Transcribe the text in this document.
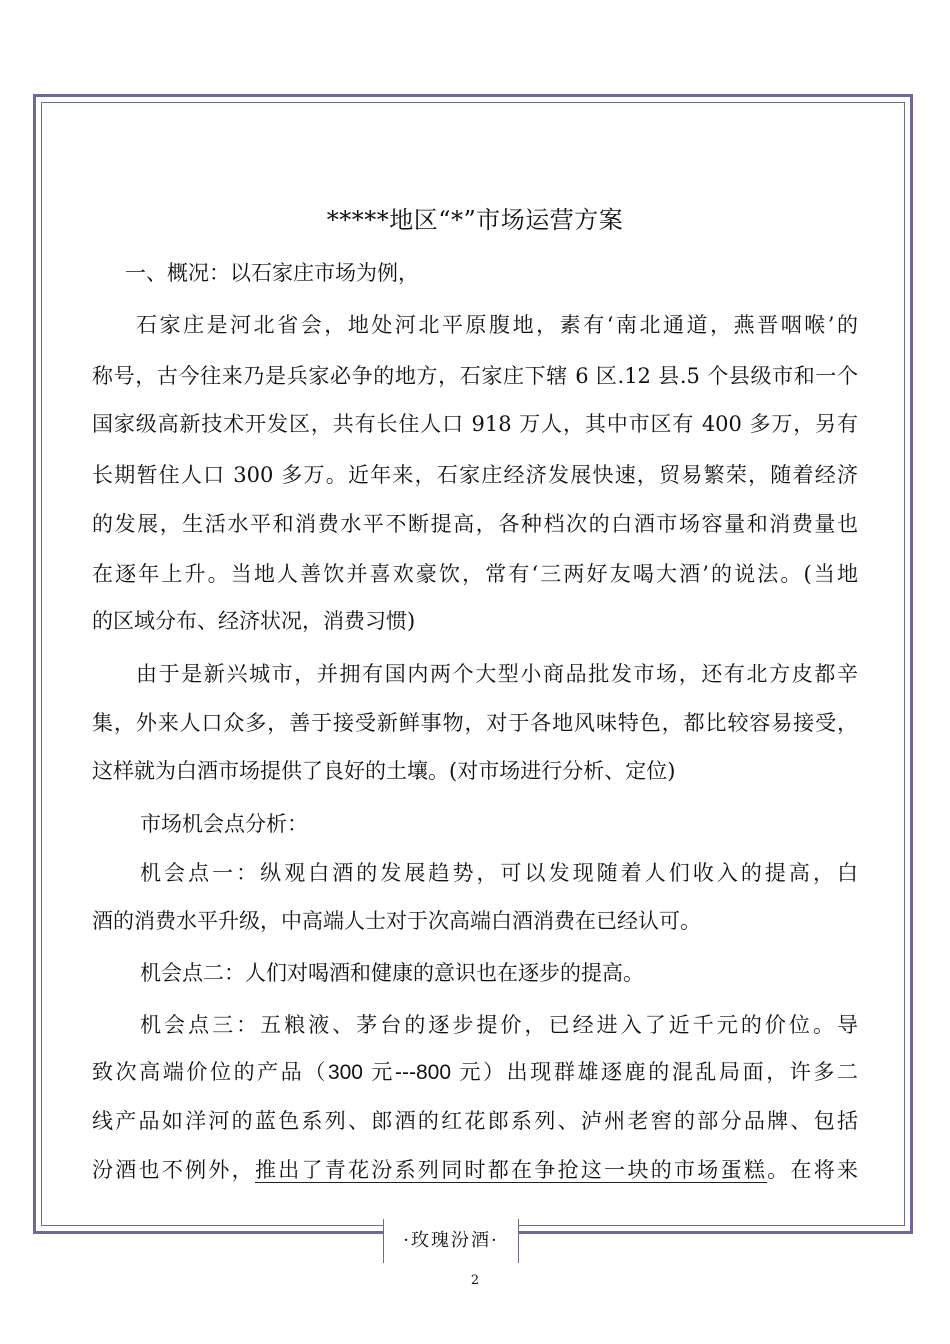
*****地区“*”市场运营方案
一、概况：以石家庄市场为例，
石家庄是河北省会，地处河北平原腹地，素有‘南北通道，燕晋咽喉’的
称号，古今往来乃是兵家必争的地方，石家庄下辖 6 区.12 县.5 个县级市和一个
国家级高新技术开发区，共有长住人口 918 万人，其中市区有 400 多万，另有
长期暂住人口 300 多万。近年来，石家庄经济发展快速，贸易繁荣，随着经济
的发展，生活水平和消费水平不断提高，各种档次的白酒市场容量和消费量也
在逐年上升。当地人善饮并喜欢豪饮，常有‘三两好友喝大酒’的说法。(当地
的区域分布、经济状况，消费习惯)
由于是新兴城市，并拥有国内两个大型小商品批发市场，还有北方皮都辛
集，外来人口众多，善于接受新鲜事物，对于各地风味特色，都比较容易接受，
这样就为白酒市场提供了良好的土壤。(对市场进行分析、定位)
市场机会点分析：
机会点一：纵观白酒的发展趋势，可以发现随着人们收入的提高，白
酒的消费水平升级，中高端人士对于次高端白酒消费在已经认可。
机会点二：人们对喝酒和健康的意识也在逐步的提高。
机会点三：五粮液、茅台的逐步提价，已经进入了近千元的价位。导
致次高端价位的产品（300 元---800 元）出现群雄逐鹿的混乱局面，许多二
线产品如洋河的蓝色系列、郎酒的红花郎系列、泸州老窖的部分品牌、包括
汾酒也不例外，推出了青花汾系列同时都在争抢这一块的市场蛋糕。在将来
·玫瑰汾酒·
2
